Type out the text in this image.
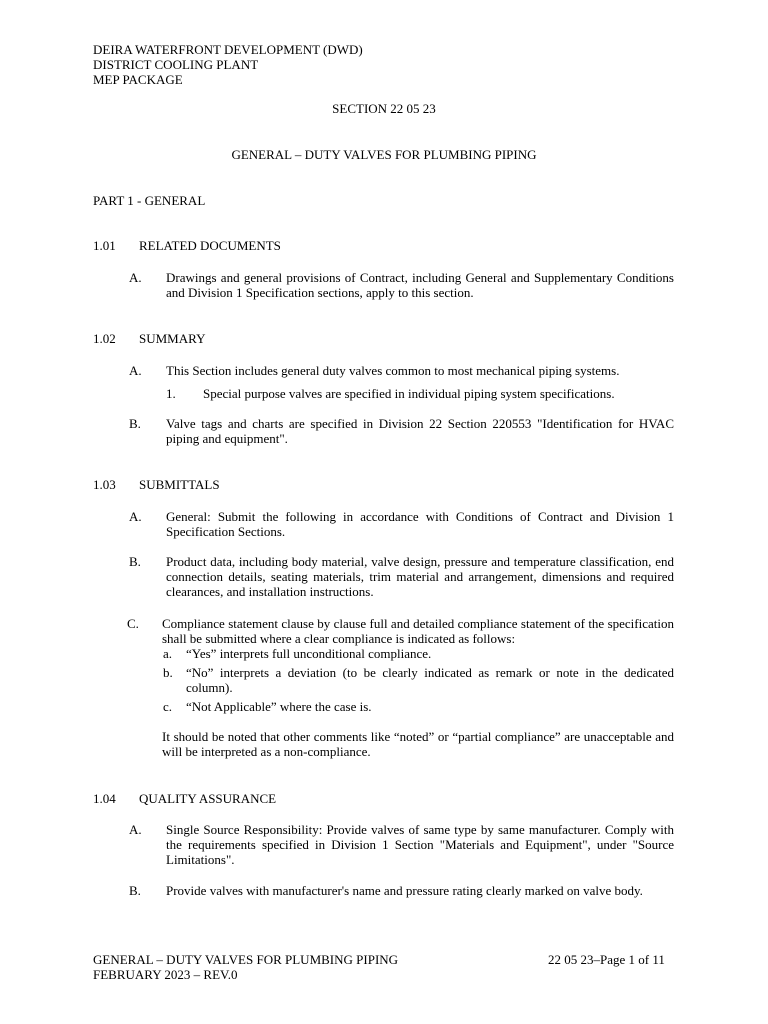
DEIRA WATERFRONT DEVELOPMENT (DWD)
DISTRICT COOLING PLANT
MEP PACKAGE
SECTION 22 05 23
GENERAL – DUTY VALVES FOR PLUMBING PIPING
PART 1 - GENERAL
1.01 RELATED DOCUMENTS
A. Drawings and general provisions of Contract, including General and Supplementary Conditions and Division 1 Specification sections, apply to this section.
1.02 SUMMARY
A. This Section includes general duty valves common to most mechanical piping systems.
1. Special purpose valves are specified in individual piping system specifications.
B. Valve tags and charts are specified in Division 22 Section 220553 "Identification for HVAC piping and equipment".
1.03 SUBMITTALS
A. General: Submit the following in accordance with Conditions of Contract and Division 1 Specification Sections.
B. Product data, including body material, valve design, pressure and temperature classification, end connection details, seating materials, trim material and arrangement, dimensions and required clearances, and installation instructions.
C. Compliance statement clause by clause full and detailed compliance statement of the specification shall be submitted where a clear compliance is indicated as follows:
a. “Yes” interprets full unconditional compliance.
b. “No” interprets a deviation (to be clearly indicated as remark or note in the dedicated column).
c. “Not Applicable” where the case is.
It should be noted that other comments like “noted” or “partial compliance” are unacceptable and will be interpreted as a non-compliance.
1.04 QUALITY ASSURANCE
A. Single Source Responsibility: Provide valves of same type by same manufacturer. Comply with the requirements specified in Division 1 Section "Materials and Equipment", under "Source Limitations".
B. Provide valves with manufacturer's name and pressure rating clearly marked on valve body.
GENERAL – DUTY VALVES FOR PLUMBING PIPING
FEBRUARY 2023 – REV.0
22 05 23–Page 1 of 11
